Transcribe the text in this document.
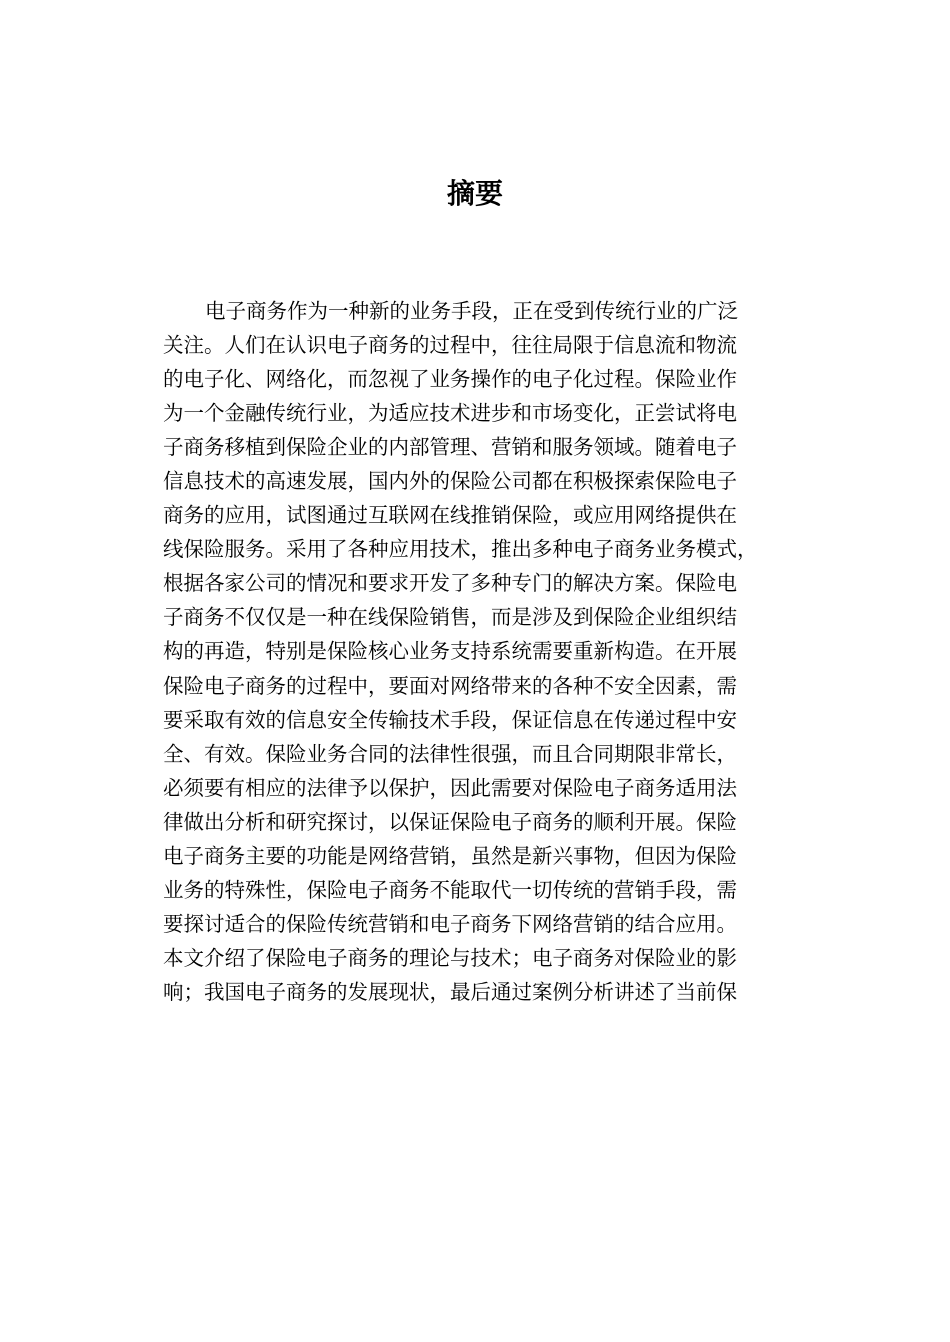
摘要
电子商务作为一种新的业务手段，正在受到传统行业的广泛
关注。人们在认识电子商务的过程中，往往局限于信息流和物流
的电子化、网络化，而忽视了业务操作的电子化过程。保险业作
为一个金融传统行业，为适应技术进步和市场变化，正尝试将电
子商务移植到保险企业的内部管理、营销和服务领域。随着电子
信息技术的高速发展，国内外的保险公司都在积极探索保险电子
商务的应用，试图通过互联网在线推销保险，或应用网络提供在
线保险服务。采用了各种应用技术，推出多种电子商务业务模式，
根据各家公司的情况和要求开发了多种专门的解决方案。保险电
子商务不仅仅是一种在线保险销售，而是涉及到保险企业组织结
构的再造，特别是保险核心业务支持系统需要重新构造。在开展
保险电子商务的过程中，要面对网络带来的各种不安全因素，需
要采取有效的信息安全传输技术手段，保证信息在传递过程中安
全、有效。保险业务合同的法律性很强，而且合同期限非常长，
必须要有相应的法律予以保护，因此需要对保险电子商务适用法
律做出分析和研究探讨，以保证保险电子商务的顺利开展。保险
电子商务主要的功能是网络营销，虽然是新兴事物，但因为保险
业务的特殊性，保险电子商务不能取代一切传统的营销手段，需
要探讨适合的保险传统营销和电子商务下网络营销的结合应用。
本文介绍了保险电子商务的理论与技术；电子商务对保险业的影
响；我国电子商务的发展现状，最后通过案例分析讲述了当前保
